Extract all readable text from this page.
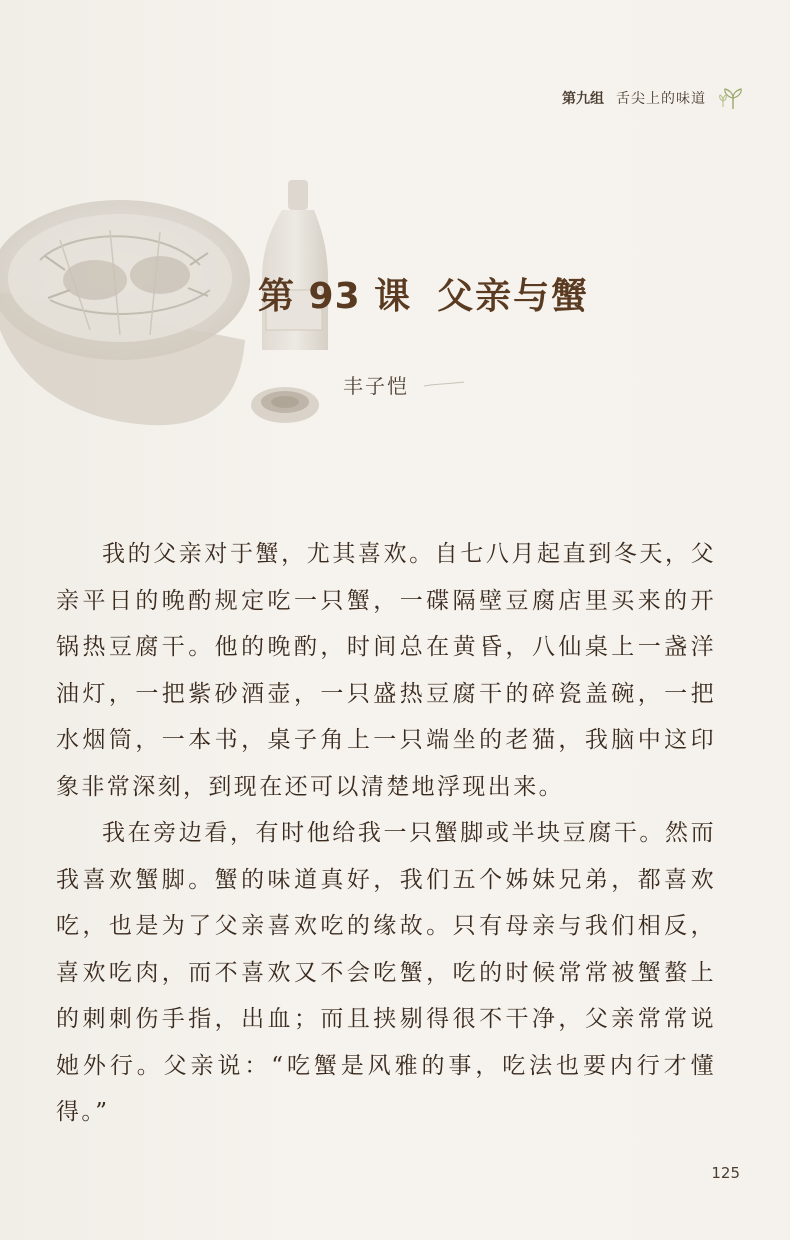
第九组 舌尖上的味道
第 93 课 父亲与蟹
丰子恺

我的父亲对于蟹，尤其喜欢。自七八月起直到冬天，父亲平日的晚酌规定吃一只蟹，一碟隔壁豆腐店里买来的开锅热豆腐干。他的晚酌，时间总在黄昏，八仙桌上一盏洋油灯，一把紫砂酒壶，一只盛热豆腐干的碎瓷盖碗，一把水烟筒，一本书，桌子角上一只端坐的老猫，我脑中这印象非常深刻，到现在还可以清楚地浮现出来。

我在旁边看，有时他给我一只蟹脚或半块豆腐干。然而我喜欢蟹脚。蟹的味道真好，我们五个姊妹兄弟，都喜欢吃，也是为了父亲喜欢吃的缘故。只有母亲与我们相反，喜欢吃肉，而不喜欢又不会吃蟹，吃的时候常常被蟹螯上的刺刺伤手指，出血；而且挟剔得很不干净，父亲常常说她外行。父亲说：“吃蟹是风雅的事，吃法也要内行才懂得。”

125
